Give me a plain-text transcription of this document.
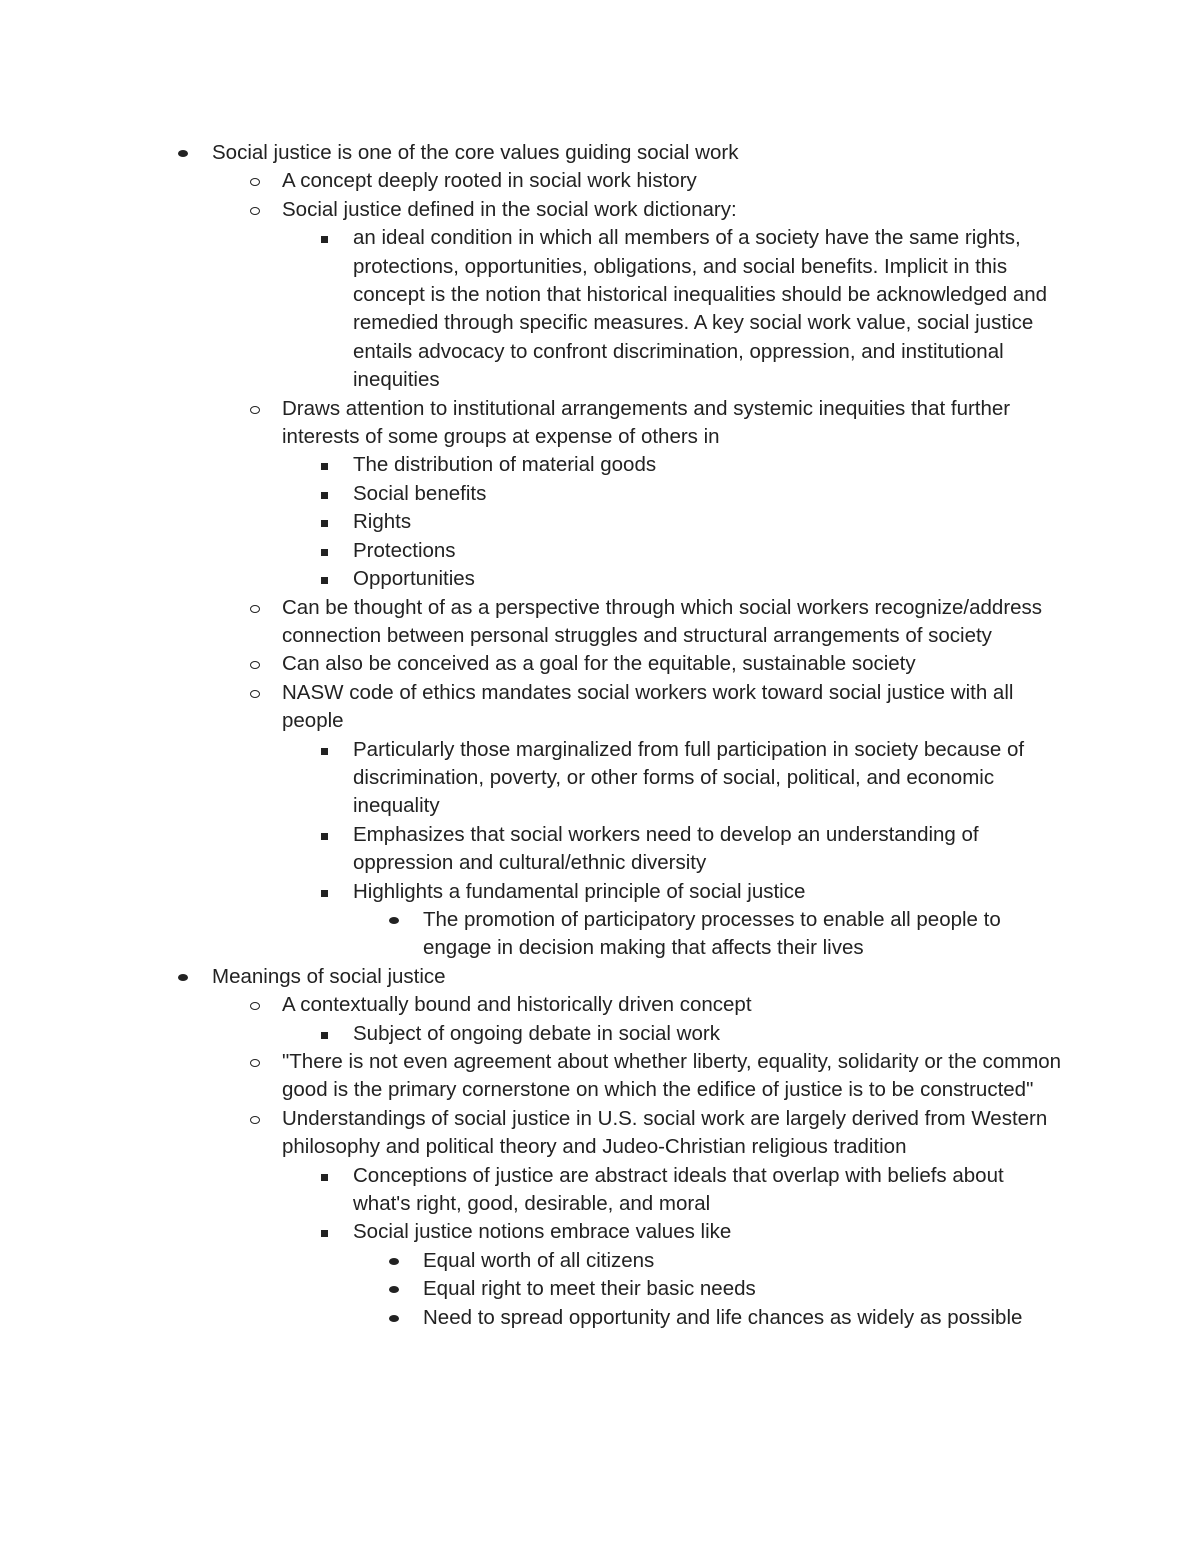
Social justice is one of the core values guiding social work
A concept deeply rooted in social work history
Social justice defined in the social work dictionary:
an ideal condition in which all members of a society have the same rights, protections, opportunities, obligations, and social benefits. Implicit in this concept is the notion that historical inequalities should be acknowledged and remedied through specific measures. A key social work value, social justice entails advocacy to confront discrimination, oppression, and institutional inequities
Draws attention to institutional arrangements and systemic inequities that further interests of some groups at expense of others in
The distribution of material goods
Social benefits
Rights
Protections
Opportunities
Can be thought of as a perspective through which social workers recognize/address connection between personal struggles and structural arrangements of society
Can also be conceived as a goal for the equitable, sustainable society
NASW code of ethics mandates social workers work toward social justice with all people
Particularly those marginalized from full participation in society because of discrimination, poverty, or other forms of social, political, and economic inequality
Emphasizes that social workers need to develop an understanding of oppression and cultural/ethnic diversity
Highlights a fundamental principle of social justice
The promotion of participatory processes to enable all people to engage in decision making that affects their lives
Meanings of social justice
A contextually bound and historically driven concept
Subject of ongoing debate in social work
"There is not even agreement about whether liberty, equality, solidarity or the common good is the primary cornerstone on which the edifice of justice is to be constructed"
Understandings of social justice in U.S. social work are largely derived from Western philosophy and political theory and Judeo-Christian religious tradition
Conceptions of justice are abstract ideals that overlap with beliefs about what's right, good, desirable, and moral
Social justice notions embrace values like
Equal worth of all citizens
Equal right to meet their basic needs
Need to spread opportunity and life chances as widely as possible
